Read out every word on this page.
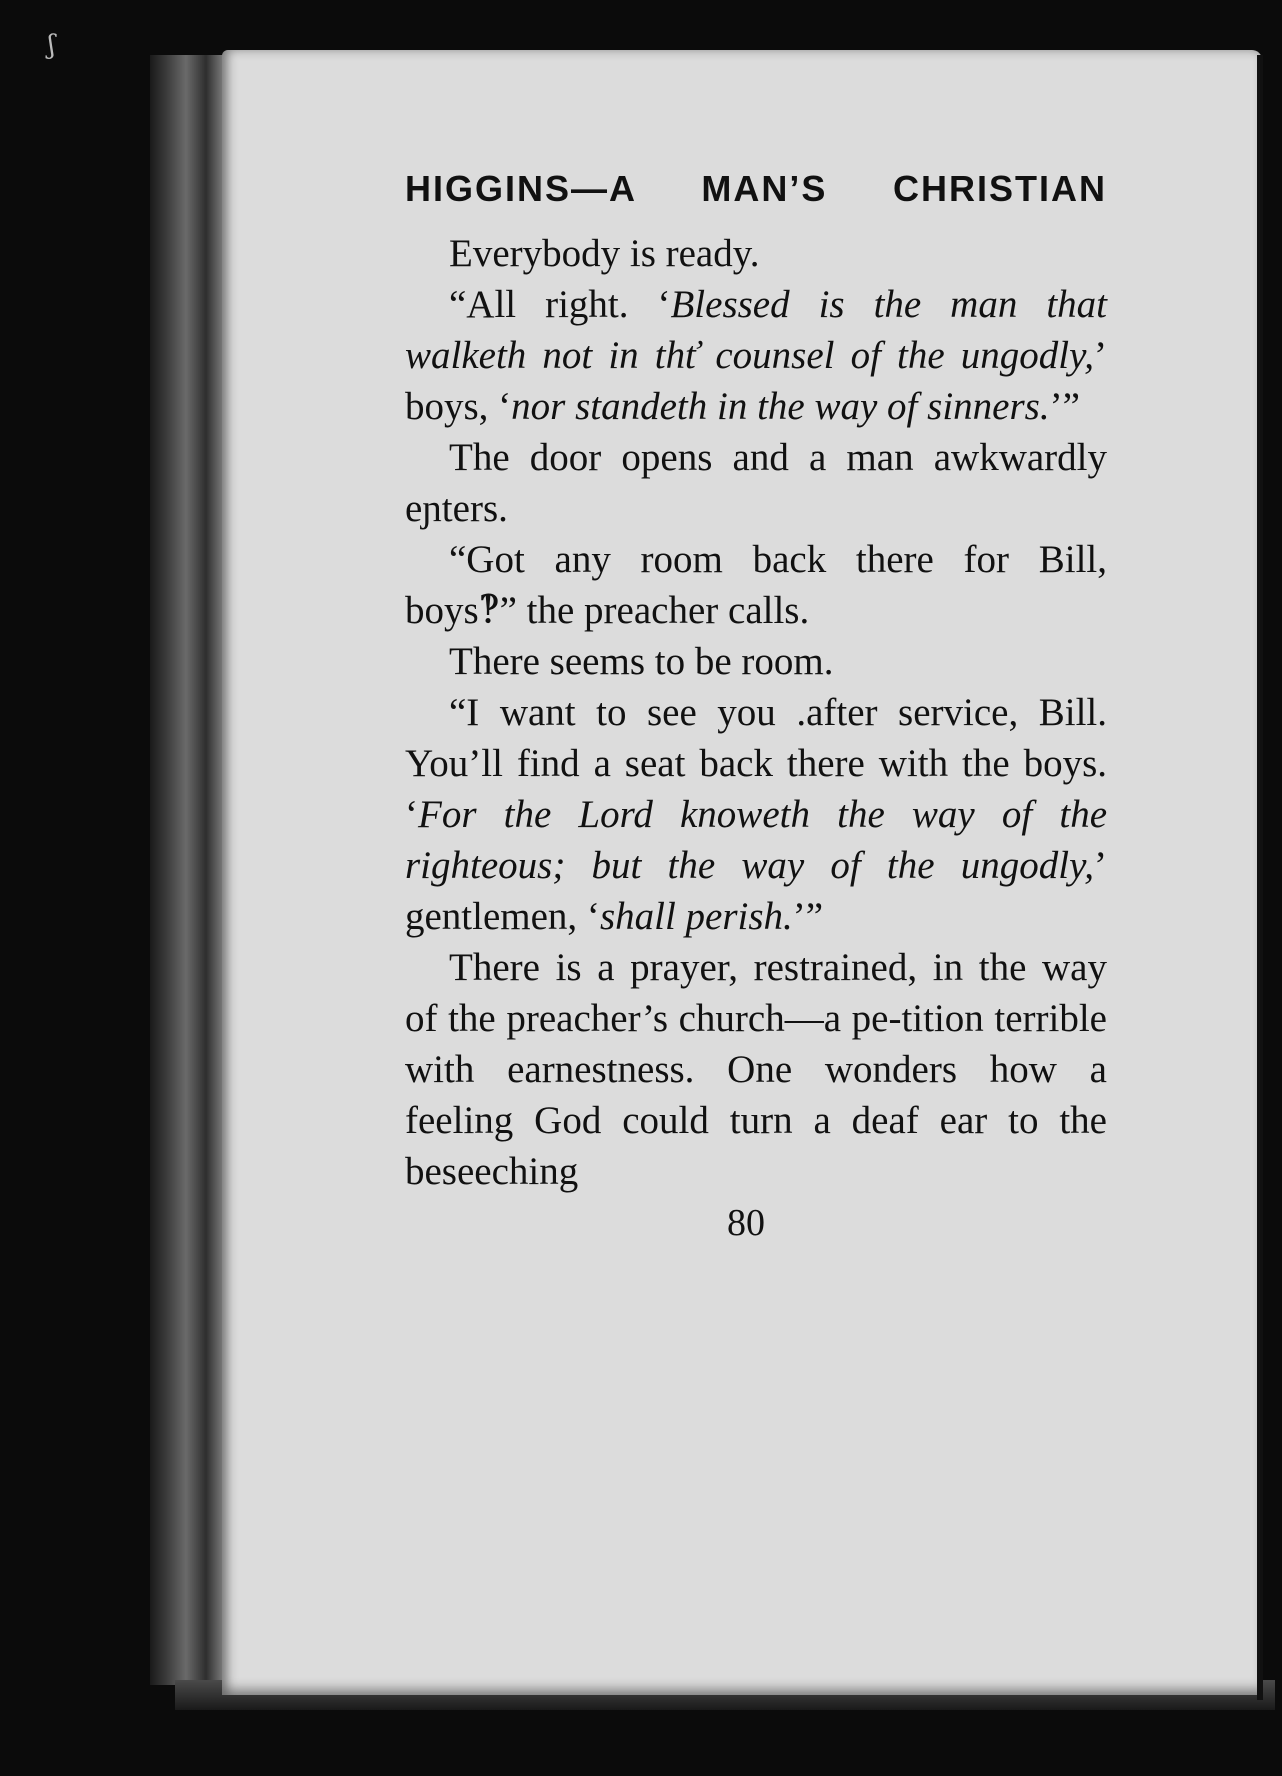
ʃ
HIGGINS—A MAN’S CHRISTIAN

Everybody is ready.

“All right. ‘Blessed is the man that walketh not in thť counsel of the ungodly,’ boys, ‘nor standeth in the way of sinners.’”

The door opens and a man awkwardly eɲters.

“Got any room back there for Bill, boys‽” the preacher calls.

There seems to be room.

“I want to see you .after service, Bill. You’ll find a seat back there with the boys. ‘For the Lord knoweth the way of the righteous; but the way of the ungodly,’ gentlemen, ‘shall perish.’”

There is a prayer, restrained, in the way of the preacher’s church—a pe-tition terrible with earnestness. One wonders how a feeling God could turn a deaf ear to the beseeching

80
